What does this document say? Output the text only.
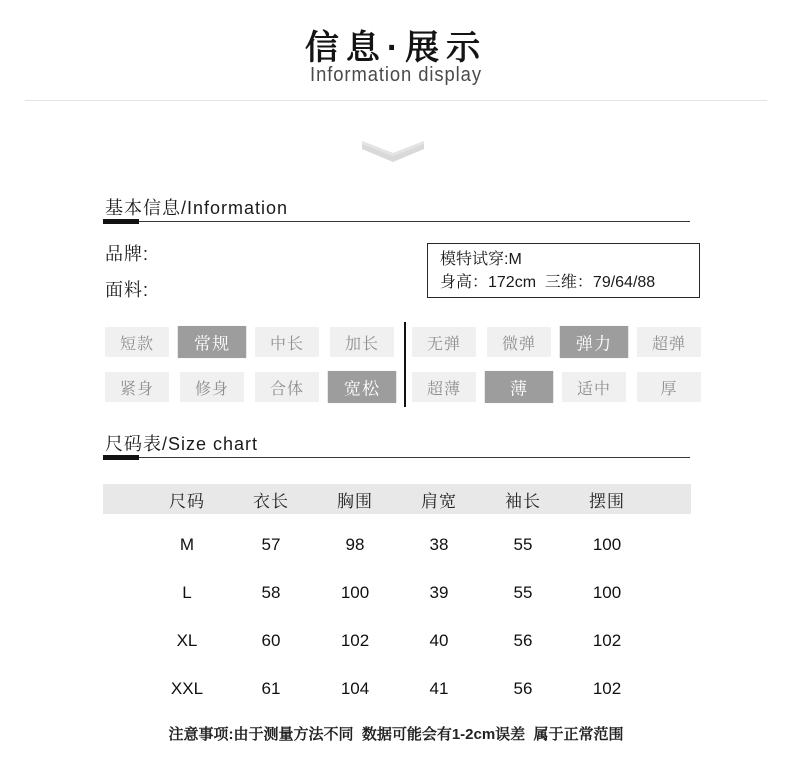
信息·展示
Information display
基本信息/Information
品牌:
面料:
模特试穿:M
身高：172cm  三维：79/64/88
短款	常规	中长	加长
紧身	修身	合体	宽松
无弹	微弹	弹力	超弹
超薄	薄	适中	厚
尺码表/Size chart
尺码	衣长	胸围	肩宽	袖长	摆围
M	57	98	38	55	100
L	58	100	39	55	100
XL	60	102	40	56	102
XXL	61	104	41	56	102
注意事项:由于测量方法不同  数据可能会有1-2cm误差  属于正常范围
